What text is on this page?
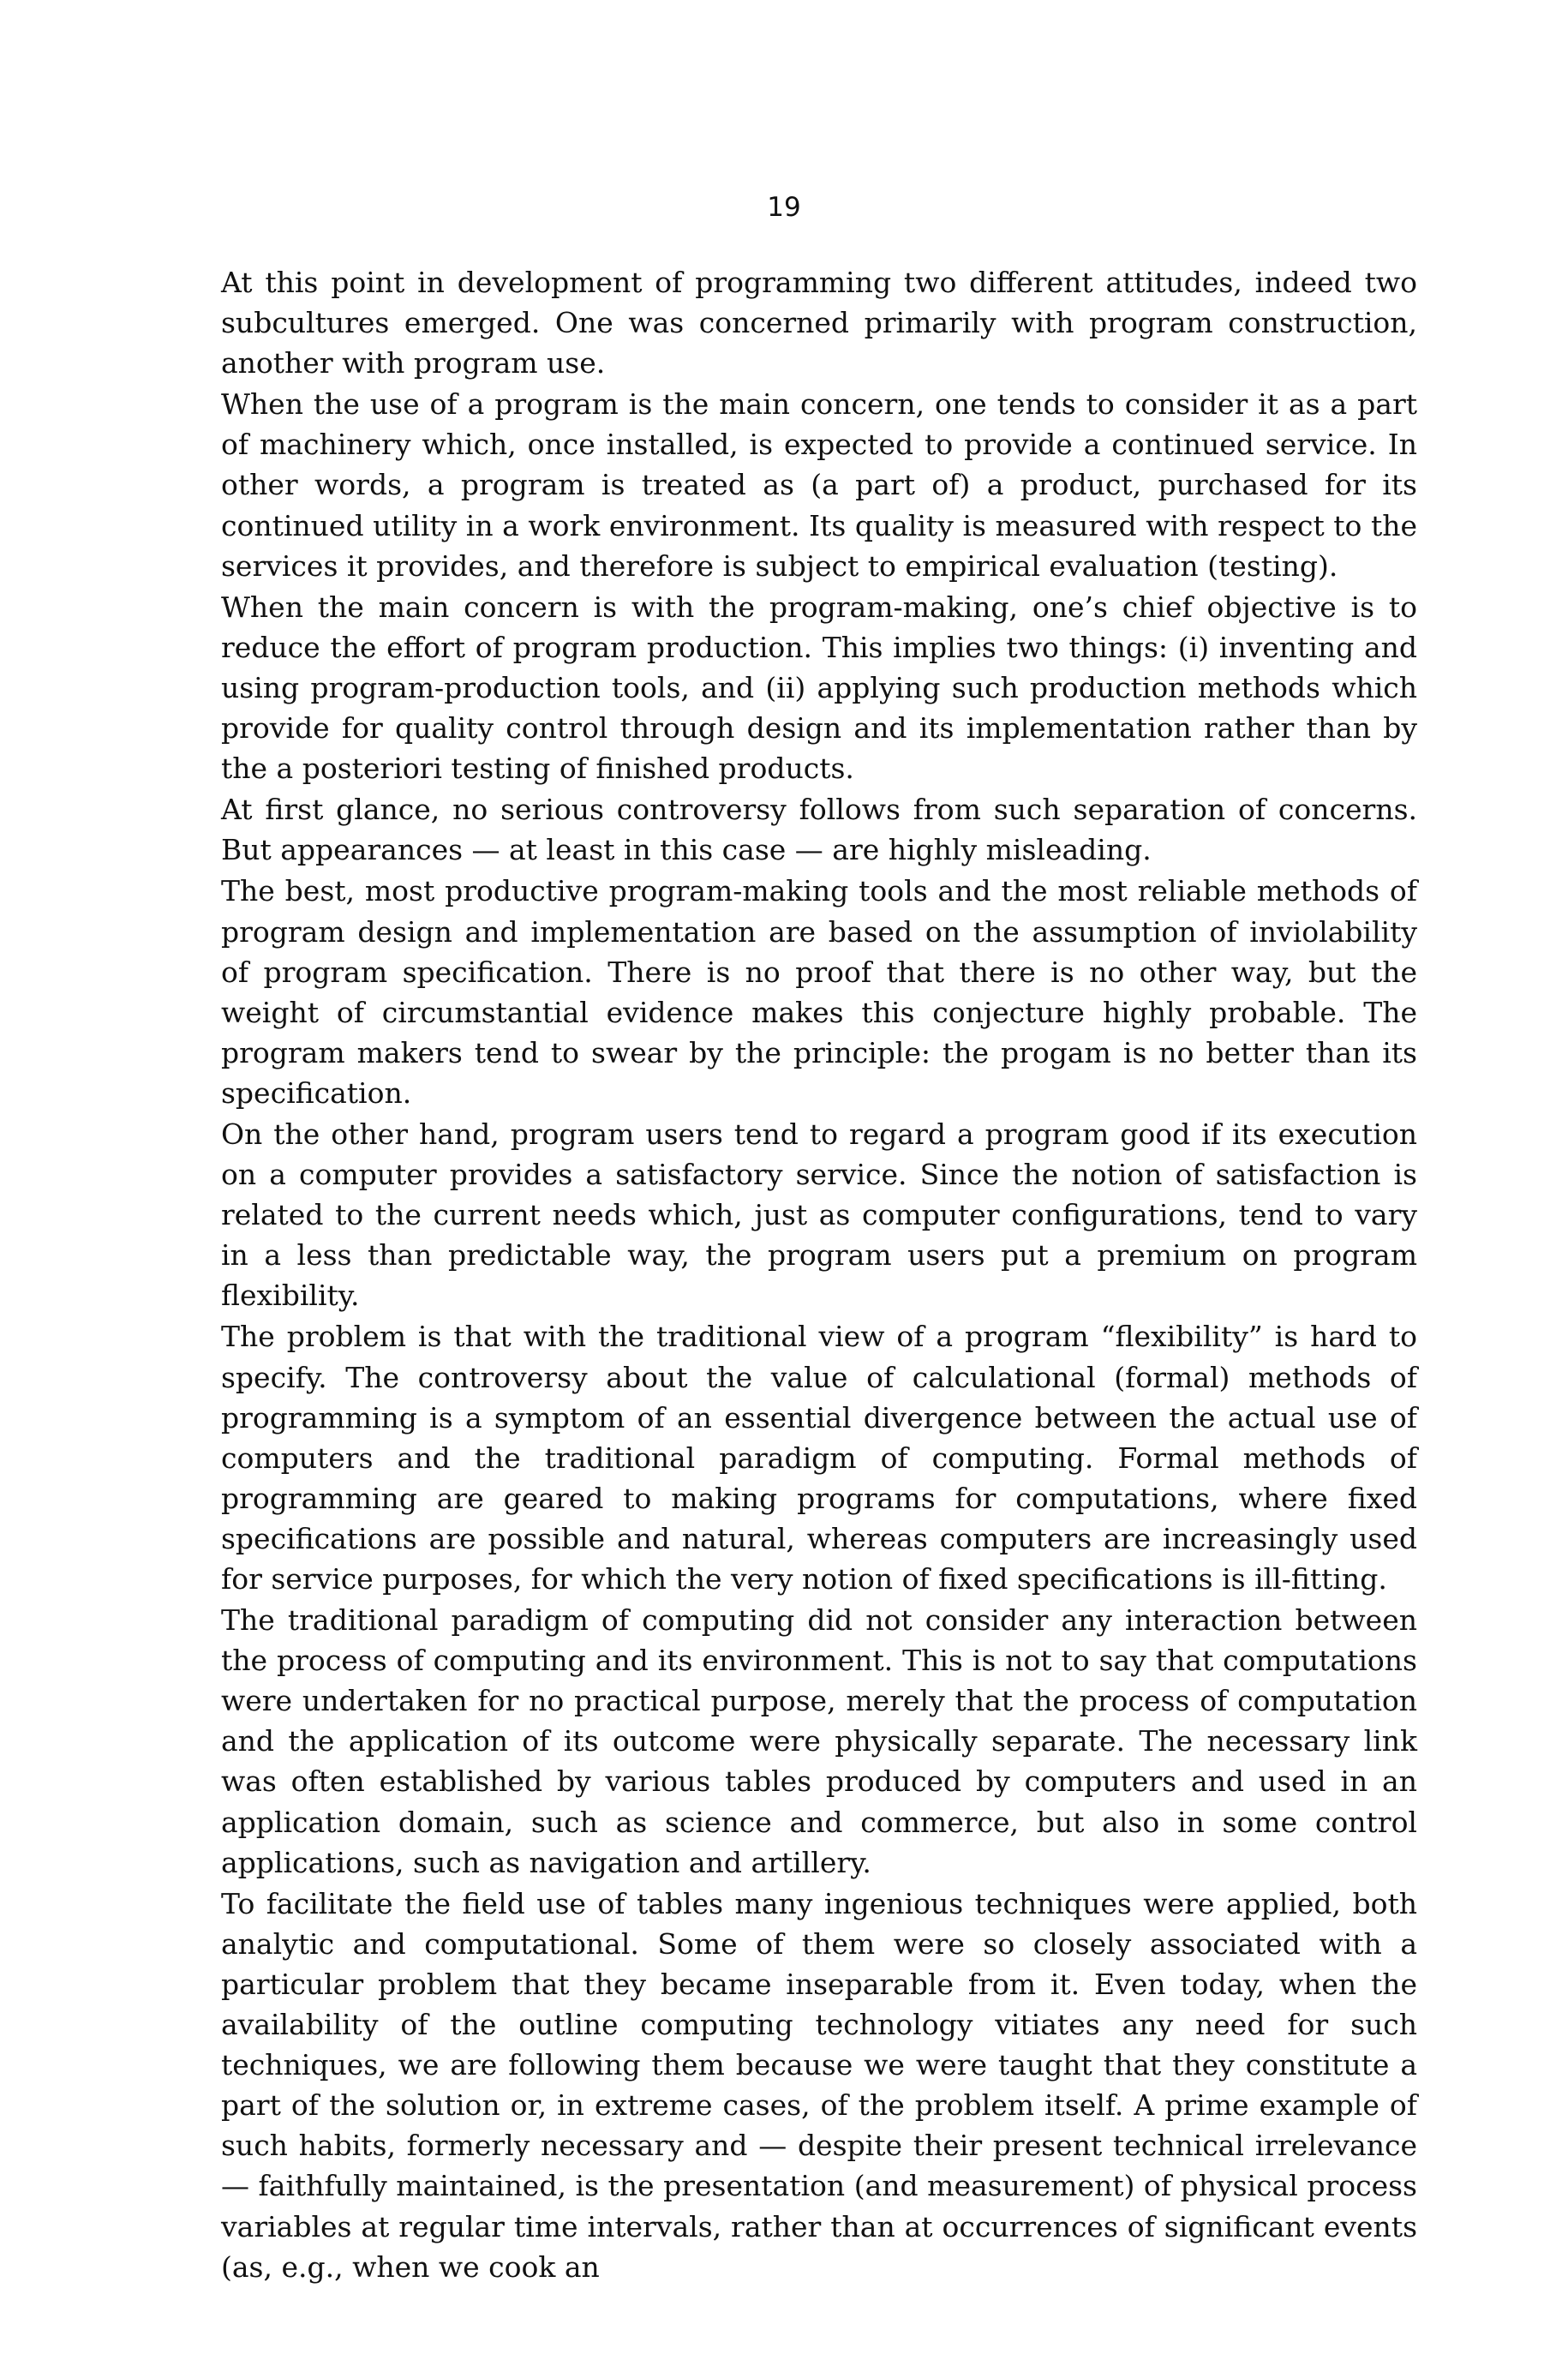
19

At this point in development of programming two different attitudes, indeed two subcultures emerged. One was concerned primarily with program construction, another with program use.

When the use of a program is the main concern, one tends to consider it as a part of machinery which, once installed, is expected to provide a continued service. In other words, a program is treated as (a part of) a product, purchased for its continued utility in a work environment. Its quality is measured with respect to the services it provides, and therefore is subject to empirical evaluation (testing).

When the main concern is with the program-making, one’s chief objective is to reduce the effort of program production. This implies two things: (i) inventing and using program-production tools, and (ii) applying such production methods which provide for quality control through design and its implementation rather than by the a posteriori testing of finished products.

At first glance, no serious controversy follows from such separation of concerns. But appearances — at least in this case — are highly misleading.

The best, most productive program-making tools and the most reliable methods of program design and implementation are based on the assumption of inviolability of program specification. There is no proof that there is no other way, but the weight of circumstantial evidence makes this conjecture highly probable. The program makers tend to swear by the principle: the progam is no better than its specification.

On the other hand, program users tend to regard a program good if its execution on a computer provides a satisfactory service. Since the notion of satisfaction is related to the current needs which, just as computer configurations, tend to vary in a less than predictable way, the program users put a premium on program flexibility.

The problem is that with the traditional view of a program “flexibility” is hard to specify. The controversy about the value of calculational (formal) methods of programming is a symptom of an essential divergence between the actual use of computers and the traditional paradigm of computing. Formal methods of programming are geared to making programs for computations, where fixed specifications are possible and natural, whereas computers are increasingly used for service purposes, for which the very notion of fixed specifications is ill-fitting.

The traditional paradigm of computing did not consider any interaction between the process of computing and its environment. This is not to say that computations were undertaken for no practical purpose, merely that the process of computation and the application of its outcome were physically separate. The necessary link was often established by various tables produced by computers and used in an application domain, such as science and commerce, but also in some control applications, such as navigation and artillery.

To facilitate the field use of tables many ingenious techniques were applied, both analytic and computational. Some of them were so closely associated with a particular problem that they became inseparable from it. Even today, when the availability of the outline computing technology vitiates any need for such techniques, we are following them because we were taught that they constitute a part of the solution or, in extreme cases, of the problem itself. A prime example of such habits, formerly necessary and — despite their present technical irrelevance — faithfully maintained, is the presentation (and measurement) of physical process variables at regular time intervals, rather than at occurrences of significant events (as, e.g., when we cook an
